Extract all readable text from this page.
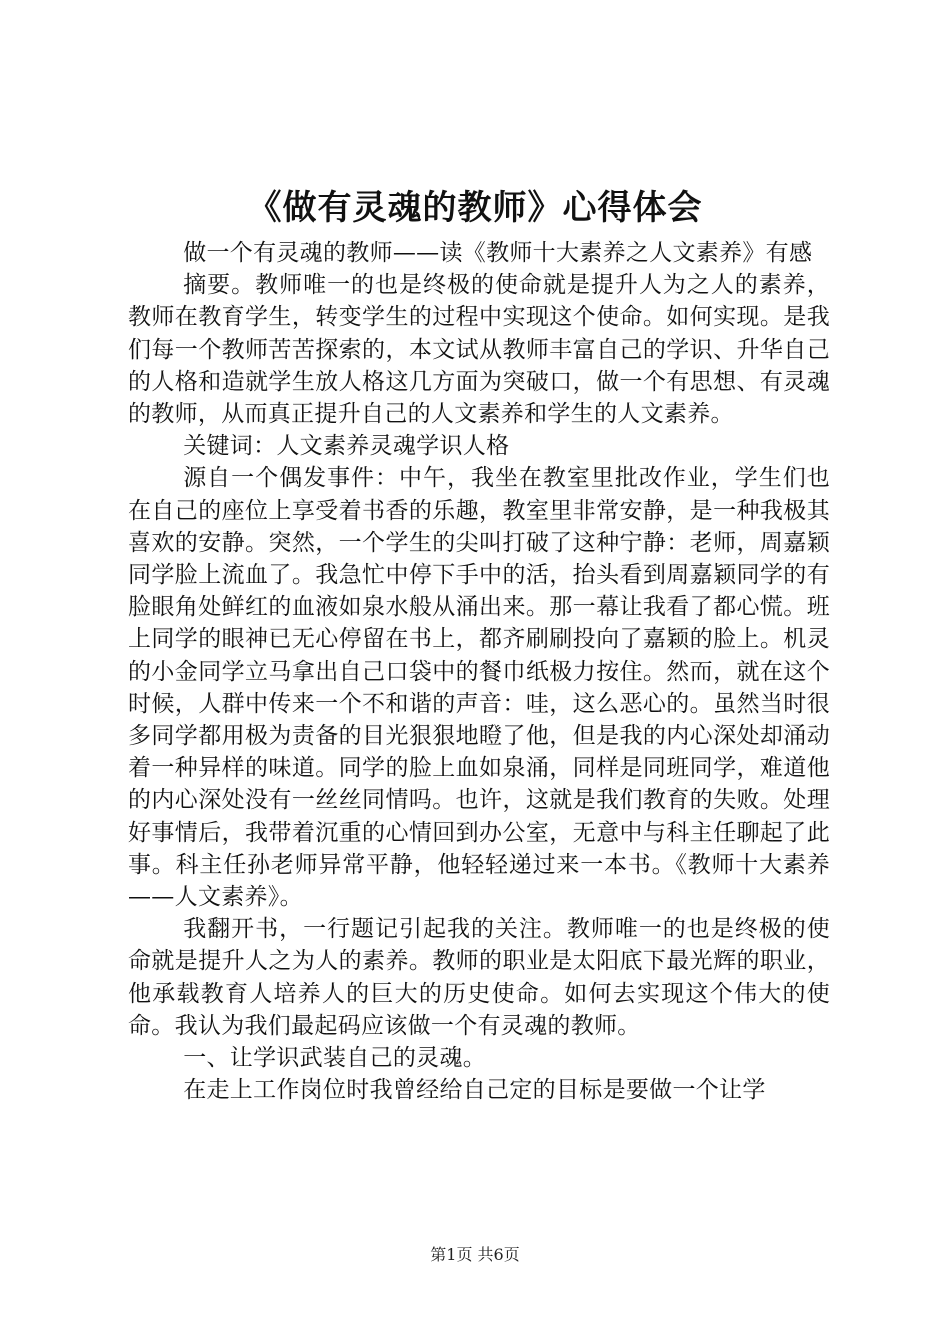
《做有灵魂的教师》心得体会

做一个有灵魂的教师——读《教师十大素养之人文素养》有感

摘要。教师唯一的也是终极的使命就是提升人为之人的素养，教师在教育学生，转变学生的过程中实现这个使命。如何实现。是我们每一个教师苦苦探索的，本文试从教师丰富自己的学识、升华自己的人格和造就学生放人格这几方面为突破口，做一个有思想、有灵魂的教师，从而真正提升自己的人文素养和学生的人文素养。

关键词：人文素养灵魂学识人格

源自一个偶发事件：中午，我坐在教室里批改作业，学生们也在自己的座位上享受着书香的乐趣，教室里非常安静，是一种我极其喜欢的安静。突然，一个学生的尖叫打破了这种宁静：老师，周嘉颖同学脸上流血了。我急忙中停下手中的活，抬头看到周嘉颖同学的有脸眼角处鲜红的血液如泉水般从涌出来。那一幕让我看了都心慌。班上同学的眼神已无心停留在书上，都齐刷刷投向了嘉颖的脸上。机灵的小金同学立马拿出自己口袋中的餐巾纸极力按住。然而，就在这个时候，人群中传来一个不和谐的声音：哇，这么恶心的。虽然当时很多同学都用极为责备的目光狠狠地瞪了他，但是我的内心深处却涌动着一种异样的味道。同学的脸上血如泉涌，同样是同班同学，难道他的内心深处没有一丝丝同情吗。也许，这就是我们教育的失败。处理好事情后，我带着沉重的心情回到办公室，无意中与科主任聊起了此事。科主任孙老师异常平静，他轻轻递过来一本书。《教师十大素养——人文素养》。

我翻开书，一行题记引起我的关注。教师唯一的也是终极的使命就是提升人之为人的素养。教师的职业是太阳底下最光辉的职业，他承载教育人培养人的巨大的历史使命。如何去实现这个伟大的使命。我认为我们最起码应该做一个有灵魂的教师。

一、让学识武装自己的灵魂。

在走上工作岗位时我曾经给自己定的目标是要做一个让学

第1页 共6页
